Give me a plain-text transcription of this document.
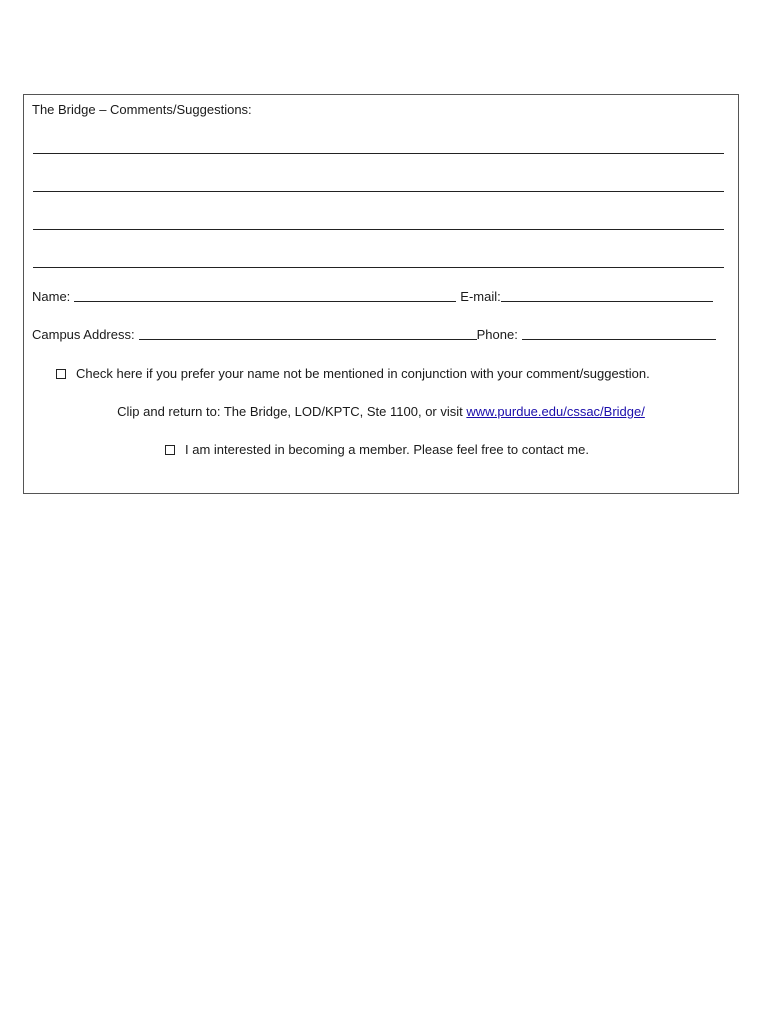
The Bridge – Comments/Suggestions:
Name:	E-mail:
Campus Address:	Phone:
Check here if you prefer your name not be mentioned in conjunction with your comment/suggestion.
Clip and return to: The Bridge, LOD/KPTC, Ste 1100, or visit www.purdue.edu/cssac/Bridge/
I am interested in becoming a member. Please feel free to contact me.
